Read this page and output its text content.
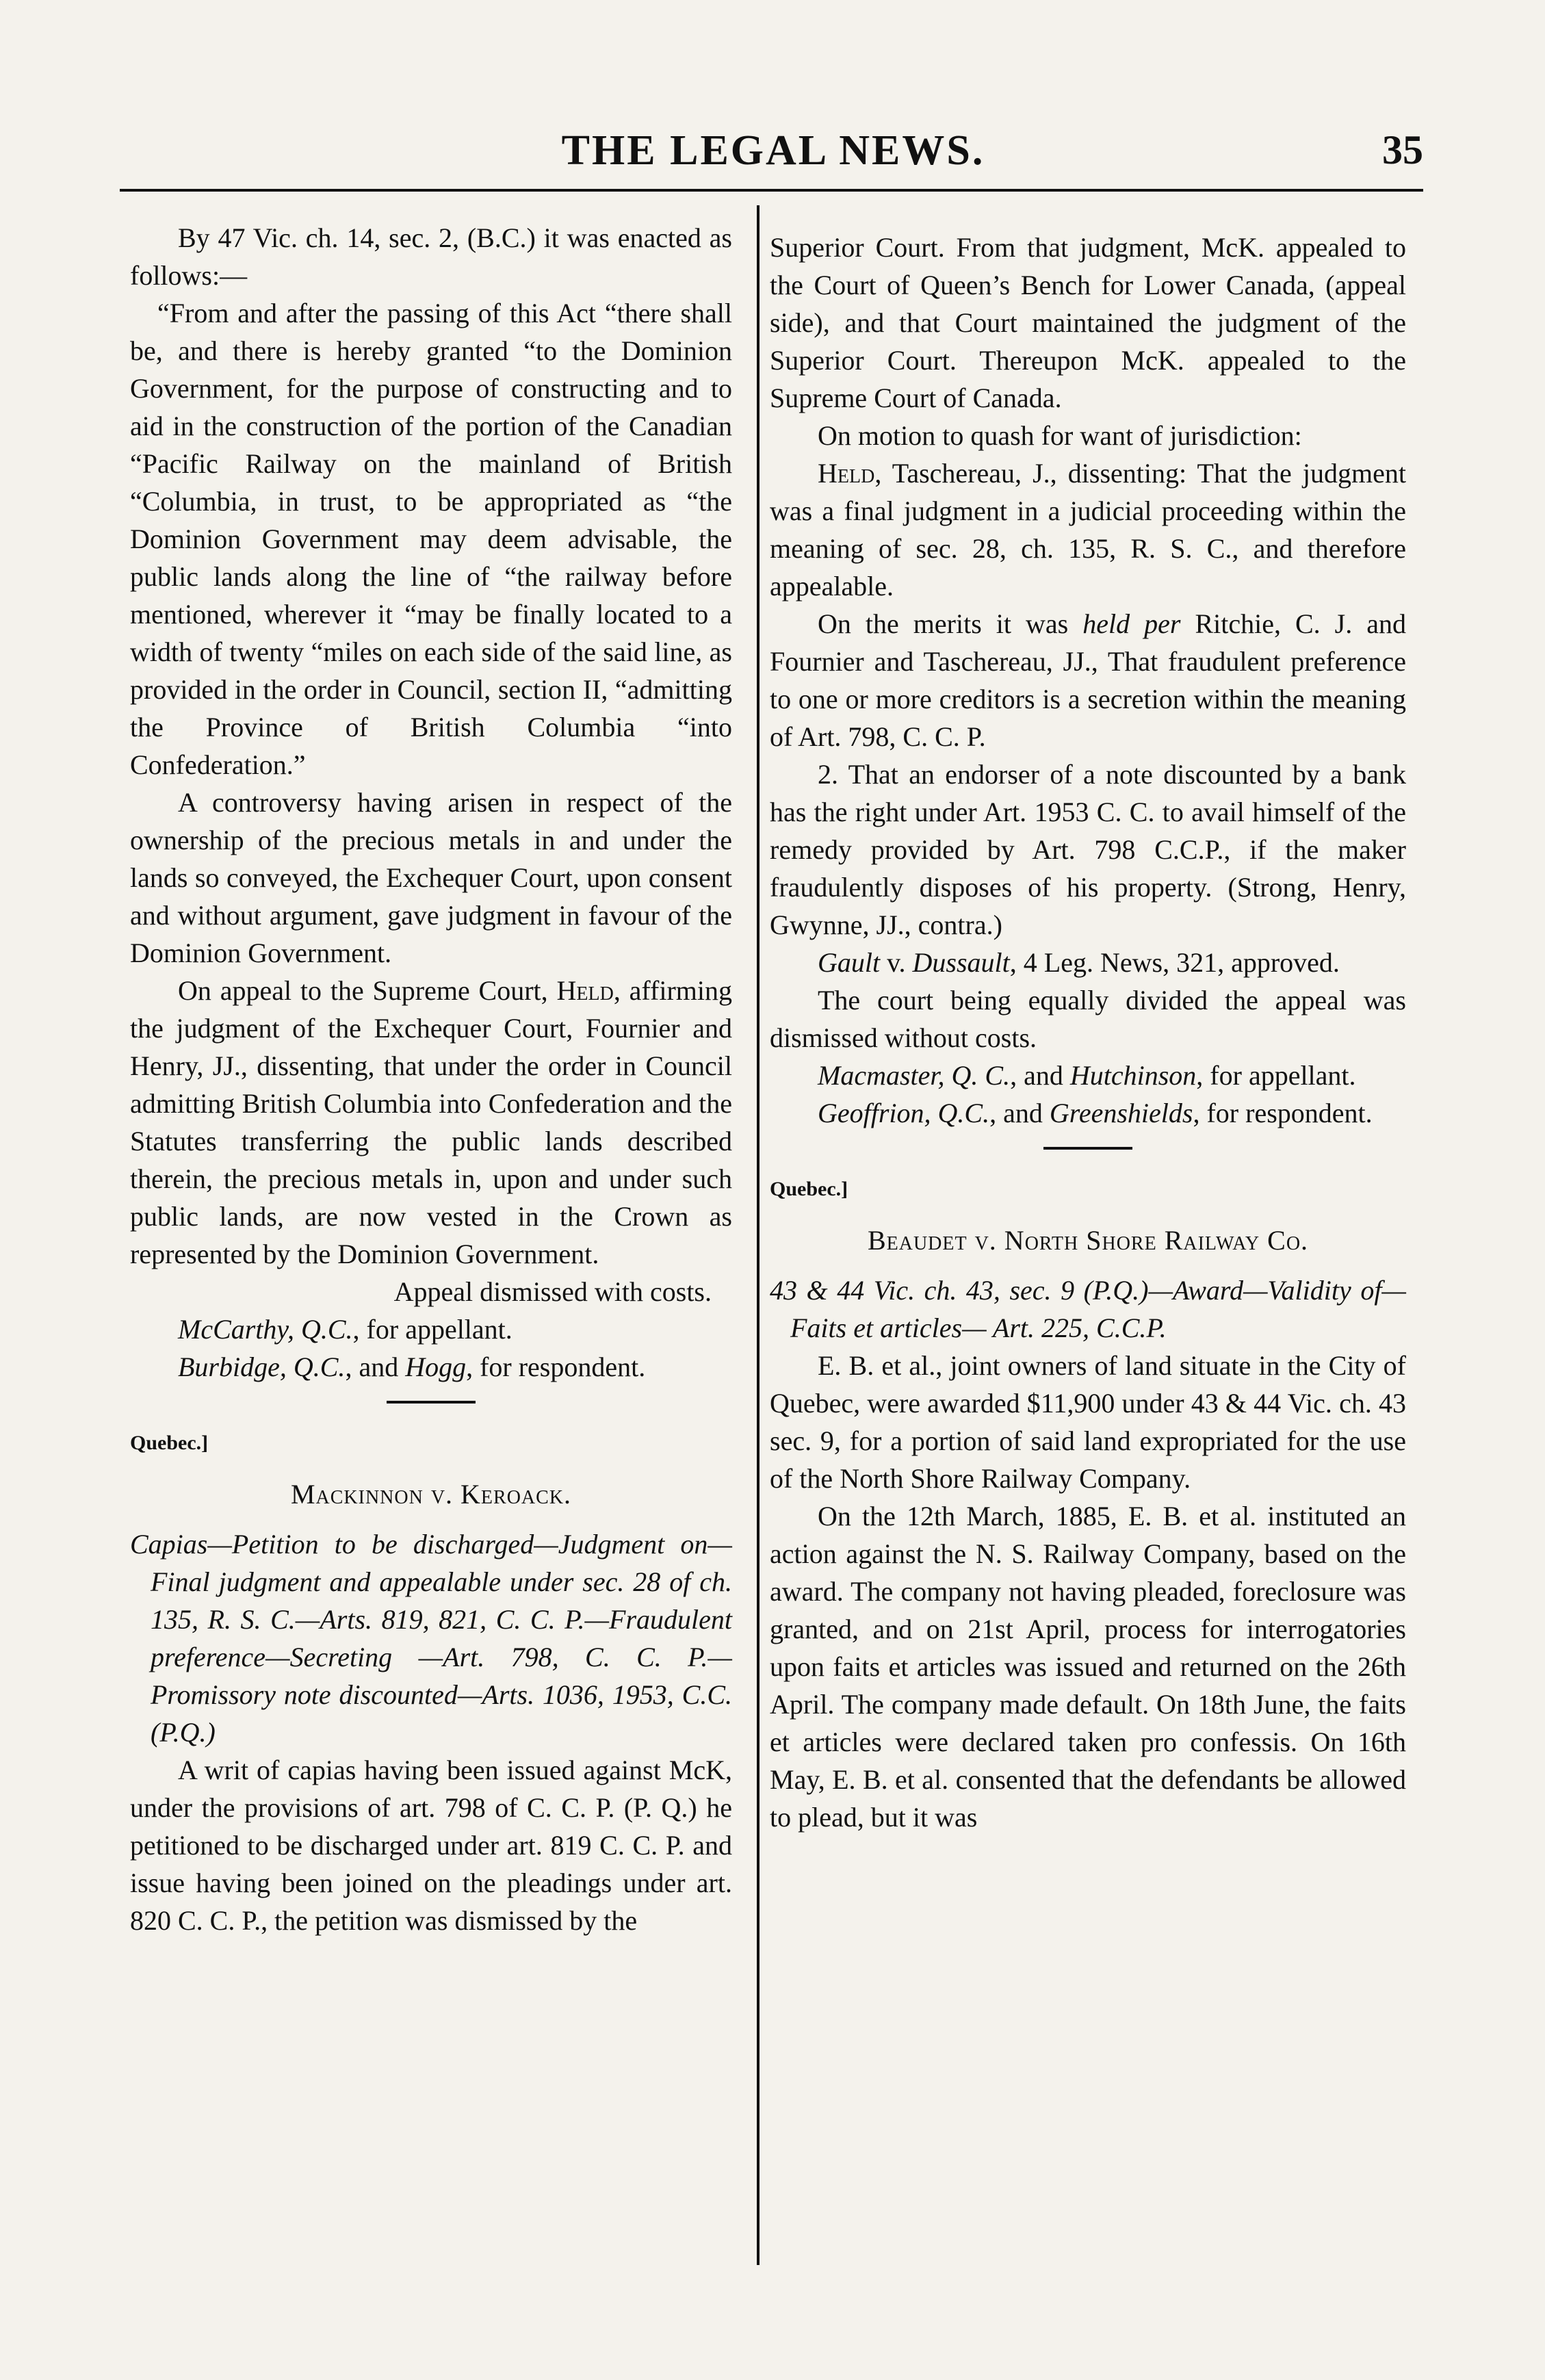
THE LEGAL NEWS.	35

By 47 Vic. ch. 14, sec. 2, (B.C.) it was enacted as follows:—

“From and after the passing of this Act “there shall be, and there is hereby granted “to the Dominion Government, for the purpose of constructing and to aid in the construction of the portion of the Canadian “Pacific Railway on the mainland of British “Columbia, in trust, to be appropriated as “the Dominion Government may deem advisable, the public lands along the line of “the railway before mentioned, wherever it “may be finally located to a width of twenty “miles on each side of the said line, as provided in the order in Council, section II, “admitting the Province of British Columbia “into Confederation.”

A controversy having arisen in respect of the ownership of the precious metals in and under the lands so conveyed, the Exchequer Court, upon consent and without argument, gave judgment in favour of the Dominion Government.

On appeal to the Supreme Court, Held, affirming the judgment of the Exchequer Court, Fournier and Henry, JJ., dissenting, that under the order in Council admitting British Columbia into Confederation and the Statutes transferring the public lands described therein, the precious metals in, upon and under such public lands, are now vested in the Crown as represented by the Dominion Government.

Appeal dismissed with costs.

McCarthy, Q.C., for appellant.

Burbidge, Q.C., and Hogg, for respondent.

Quebec.]
Mackinnon v. Keroack.

Capias—Petition to be discharged—Judgment on—Final judgment and appealable under sec. 28 of ch. 135, R. S. C.—Arts. 819, 821, C. C. P.—Fraudulent preference—Secreting —Art. 798, C. C. P.—Promissory note discounted—Arts. 1036, 1953, C.C. (P.Q.)

A writ of capias having been issued against McK, under the provisions of art. 798 of C. C. P. (P. Q.) he petitioned to be discharged under art. 819 C. C. P. and issue having been joined on the pleadings under art. 820 C. C. P., the petition was dismissed by the

Superior Court. From that judgment, McK. appealed to the Court of Queen’s Bench for Lower Canada, (appeal side), and that Court maintained the judgment of the Superior Court. Thereupon McK. appealed to the Supreme Court of Canada.

On motion to quash for want of jurisdiction:

Held, Taschereau, J., dissenting: That the judgment was a final judgment in a judicial proceeding within the meaning of sec. 28, ch. 135, R. S. C., and therefore appealable.

On the merits it was held per Ritchie, C. J. and Fournier and Taschereau, JJ., That fraudulent preference to one or more creditors is a secretion within the meaning of Art. 798, C. C. P.

2. That an endorser of a note discounted by a bank has the right under Art. 1953 C. C. to avail himself of the remedy provided by Art. 798 C.C.P., if the maker fraudulently disposes of his property. (Strong, Henry, Gwynne, JJ., contra.)

Gault v. Dussault, 4 Leg. News, 321, approved.

The court being equally divided the appeal was dismissed without costs.

Macmaster, Q. C., and Hutchinson, for appellant.

Geoffrion, Q.C., and Greenshields, for respondent.

Quebec.]
Beaudet v. North Shore Railway Co.

43 & 44 Vic. ch. 43, sec. 9 (P.Q.)—Award—Validity of—Faits et articles— Art. 225, C.C.P.

E. B. et al., joint owners of land situate in the City of Quebec, were awarded $11,900 under 43 & 44 Vic. ch. 43 sec. 9, for a portion of said land expropriated for the use of the North Shore Railway Company.

On the 12th March, 1885, E. B. et al. instituted an action against the N. S. Railway Company, based on the award. The company not having pleaded, foreclosure was granted, and on 21st April, process for interrogatories upon faits et articles was issued and returned on the 26th April. The company made default. On 18th June, the faits et articles were declared taken pro confessis. On 16th May, E. B. et al. consented that the defendants be allowed to plead, but it was
